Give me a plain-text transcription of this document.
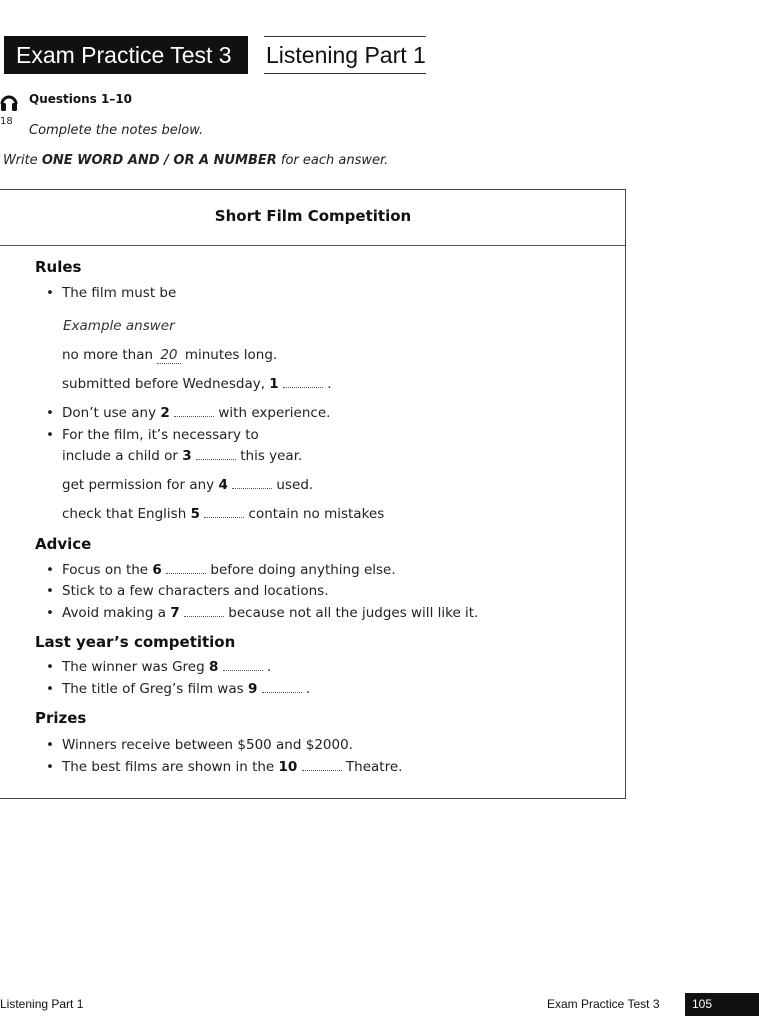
Exam Practice Test 3	Listening Part 1
18
Questions 1–10
Complete the notes below.
Write ONE WORD AND / OR A NUMBER for each answer.
Short Film Competition
Rules
• The film must be
Example answer
no more than 20 minutes long.
submitted before Wednesday, 1	.
• Don’t use any 2	with experience.
• For the film, it’s necessary to
include a child or 3	this year.
get permission for any 4	used.
check that English 5	contain no mistakes
Advice
• Focus on the 6	before doing anything else.
• Stick to a few characters and locations.
• Avoid making a 7	because not all the judges will like it.
Last year’s competition
• The winner was Greg 8	.
• The title of Greg’s film was 9	.
Prizes
• Winners receive between $500 and $2000.
• The best films are shown in the 10	Theatre.
Listening Part 1	Exam Practice Test 3	105
